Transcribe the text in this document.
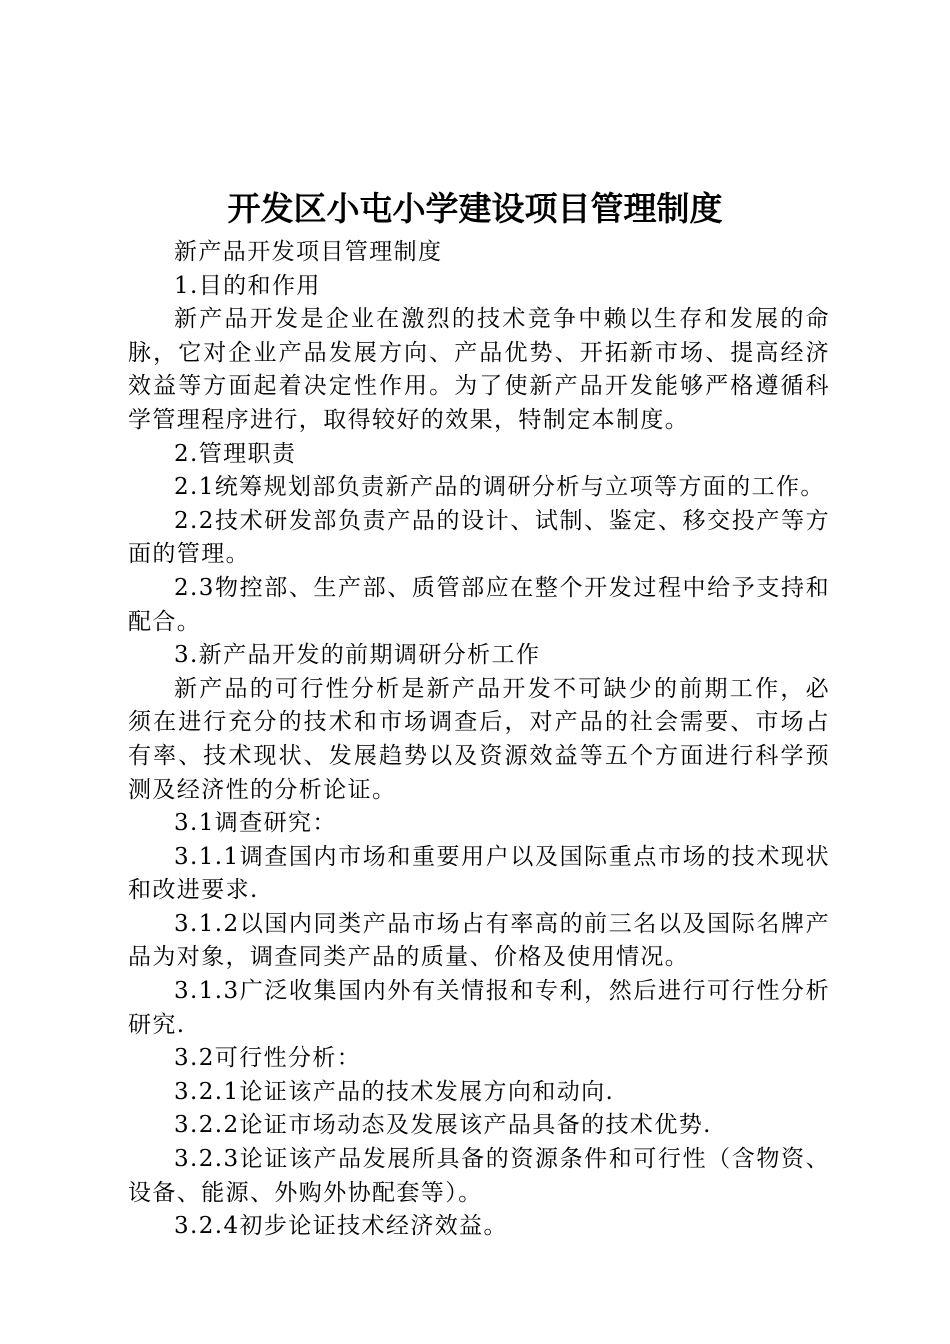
开发区小屯小学建设项目管理制度

新产品开发项目管理制度

1.目的和作用

新产品开发是企业在激烈的技术竞争中赖以生存和发展的命脉，它对企业产品发展方向、产品优势、开拓新市场、提高经济效益等方面起着决定性作用。为了使新产品开发能够严格遵循科学管理程序进行，取得较好的效果，特制定本制度。

2.管理职责

2.1统筹规划部负责新产品的调研分析与立项等方面的工作。

2.2技术研发部负责产品的设计、试制、鉴定、移交投产等方面的管理。

2.3物控部、生产部、质管部应在整个开发过程中给予支持和配合。

3.新产品开发的前期调研分析工作

新产品的可行性分析是新产品开发不可缺少的前期工作，必须在进行充分的技术和市场调查后，对产品的社会需要、市场占有率、技术现状、发展趋势以及资源效益等五个方面进行科学预测及经济性的分析论证。

3.1调查研究：

3.1.1调查国内市场和重要用户以及国际重点市场的技术现状和改进要求.

3.1.2以国内同类产品市场占有率高的前三名以及国际名牌产品为对象，调查同类产品的质量、价格及使用情况。

3.1.3广泛收集国内外有关情报和专利，然后进行可行性分析研究.

3.2可行性分析：

3.2.1论证该产品的技术发展方向和动向.

3.2.2论证市场动态及发展该产品具备的技术优势.

3.2.3论证该产品发展所具备的资源条件和可行性（含物资、设备、能源、外购外协配套等）。

3.2.4初步论证技术经济效益。
